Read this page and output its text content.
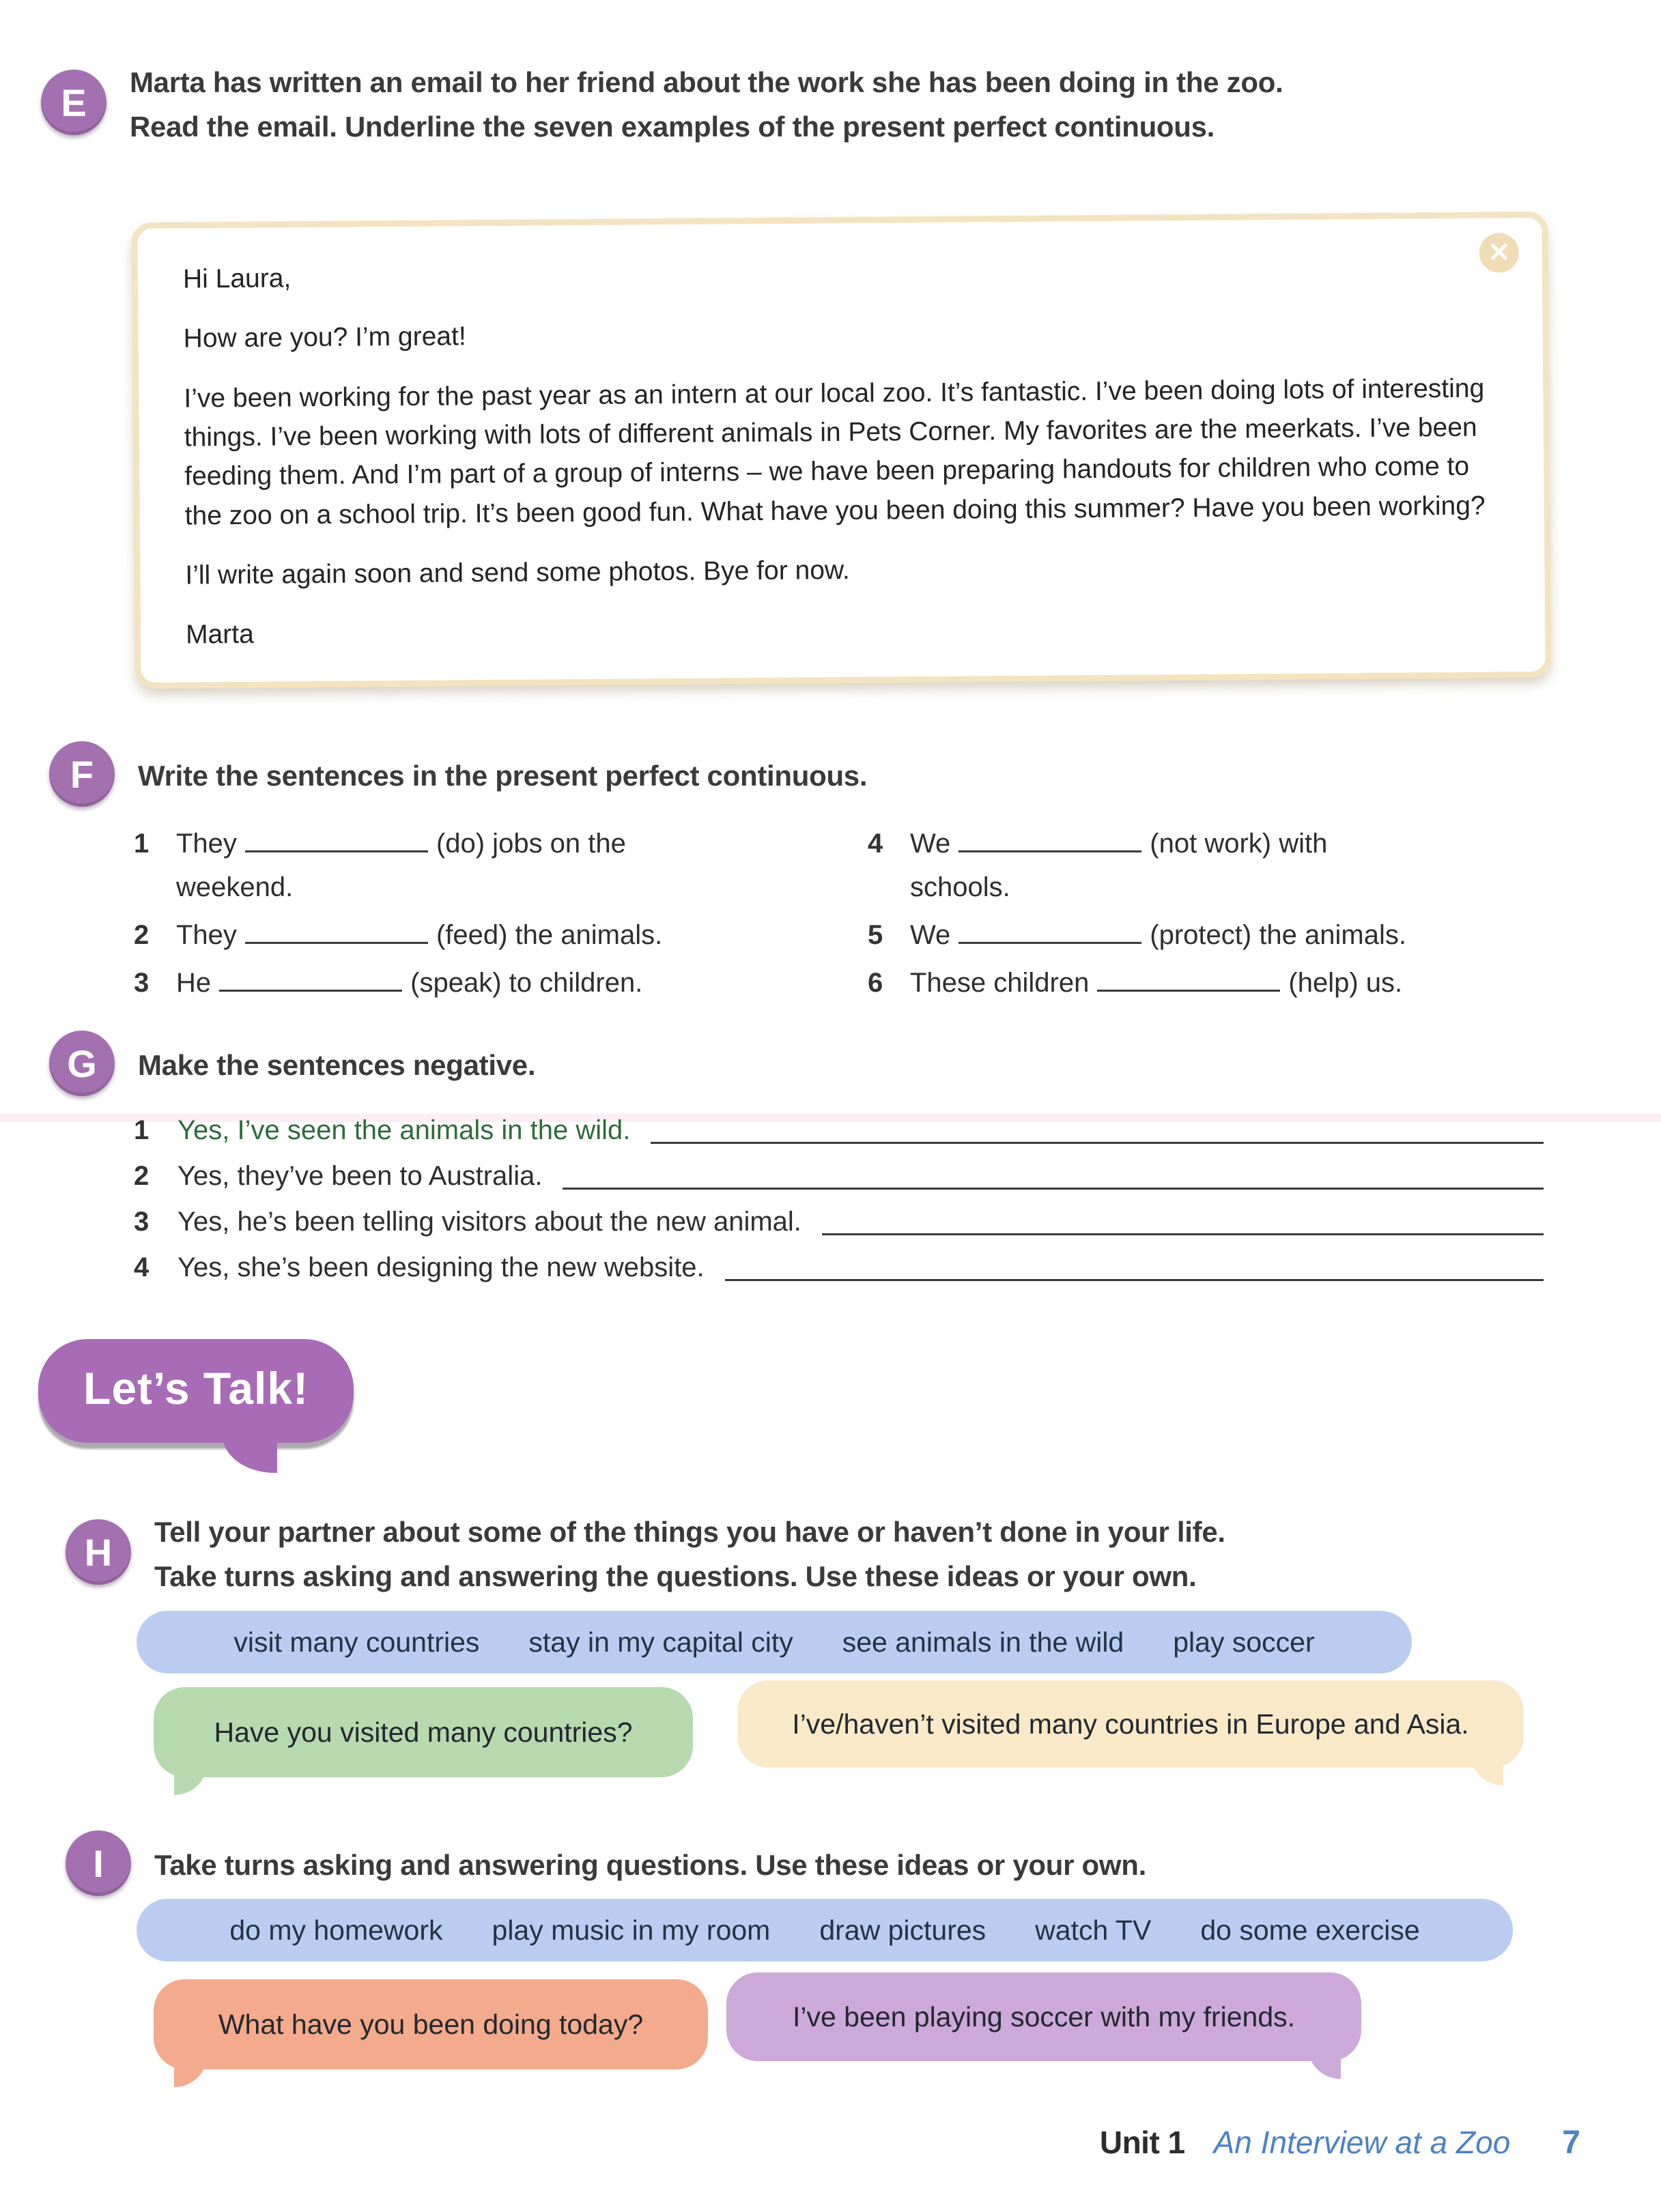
E	Marta has written an email to her friend about the work she has been doing in the zoo.
Read the email. Underline the seven examples of the present perfect continuous.
✕

Hi Laura,

How are you? I’m great!

I’ve been working for the past year as an intern at our local zoo. It’s fantastic. I’ve been doing lots of interesting things. I’ve been working with lots of different animals in Pets Corner. My favorites are the meerkats. I’ve been feeding them. And I’m part of a group of interns – we have been preparing handouts for children who come to the zoo on a school trip. It’s been good fun. What have you been doing this summer? Have you been working?

I’ll write again soon and send some photos. Bye for now.

Marta

F	Write the sentences in the present perfect continuous.
1 They	(do) jobs on the
weekend.
2 They	(feed) the animals.
3 He	(speak) to children.
4 We	(not work) with
schools.
5 We	(protect) the animals.
6 These children	(help) us.
G	Make the sentences negative.
1	Yes, I’ve seen the animals in the wild.
2	Yes, they’ve been to Australia.
3	Yes, he’s been telling visitors about the new animal.
4	Yes, she’s been designing the new website.
Let’s Talk!
H	Tell your partner about some of the things you have or haven’t done in your life.
Take turns asking and answering the questions. Use these ideas or your own.
visit many countries stay in my capital city see animals in the wild play soccer
Have you visited many countries?	I’ve/haven’t visited many countries in Europe and Asia.
I	Take turns asking and answering questions. Use these ideas or your own.
do my homework play music in my room draw pictures watch TV do some exercise
What have you been doing today?	I’ve been playing soccer with my friends.
Unit 1 An Interview at a Zoo 7
